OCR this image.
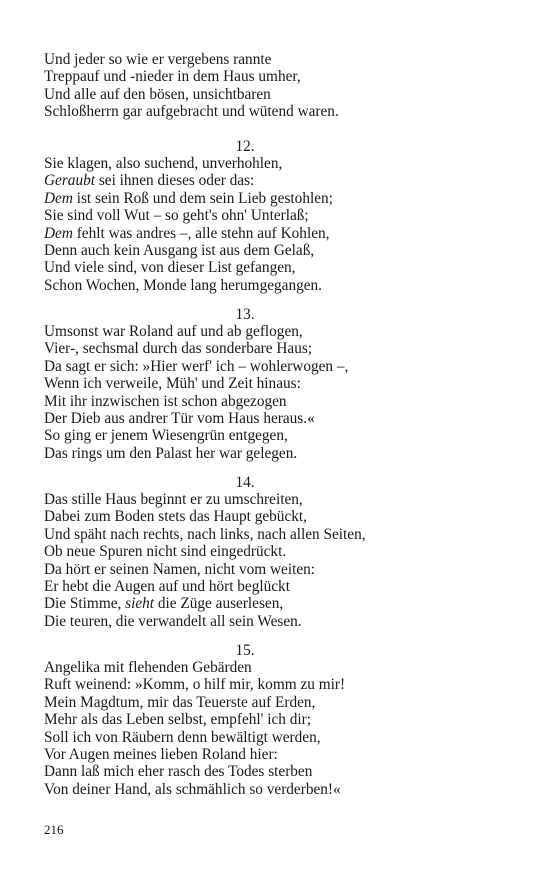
Und jeder so wie er vergebens rannte
Treppauf und -nieder in dem Haus umher,
Und alle auf den bösen, unsichtbaren
Schloßherrn gar aufgebracht und wütend waren.
12.
Sie klagen, also suchend, unverhohlen,
Geraubt sei ihnen dieses oder das:
Dem ist sein Roß und dem sein Lieb gestohlen;
Sie sind voll Wut – so geht's ohn' Unterlaß;
Dem fehlt was andres –, alle stehn auf Kohlen,
Denn auch kein Ausgang ist aus dem Gelaß,
Und viele sind, von dieser List gefangen,
Schon Wochen, Monde lang herumgegangen.
13.
Umsonst war Roland auf und ab geflogen,
Vier-, sechsmal durch das sonderbare Haus;
Da sagt er sich: »Hier werf' ich – wohlerwogen –,
Wenn ich verweile, Müh' und Zeit hinaus:
Mit ihr inzwischen ist schon abgezogen
Der Dieb aus andrer Tür vom Haus heraus.«
So ging er jenem Wiesengrün entgegen,
Das rings um den Palast her war gelegen.
14.
Das stille Haus beginnt er zu umschreiten,
Dabei zum Boden stets das Haupt gebückt,
Und späht nach rechts, nach links, nach allen Seiten,
Ob neue Spuren nicht sind eingedrückt.
Da hört er seinen Namen, nicht vom weiten:
Er hebt die Augen auf und hört beglückt
Die Stimme, sieht die Züge auserlesen,
Die teuren, die verwandelt all sein Wesen.
15.
Angelika mit flehenden Gebärden
Ruft weinend: »Komm, o hilf mir, komm zu mir!
Mein Magdtum, mir das Teuerste auf Erden,
Mehr als das Leben selbst, empfehl' ich dir;
Soll ich von Räubern denn bewältigt werden,
Vor Augen meines lieben Roland hier:
Dann laß mich eher rasch des Todes sterben
Von deiner Hand, als schmählich so verderben!«
216
